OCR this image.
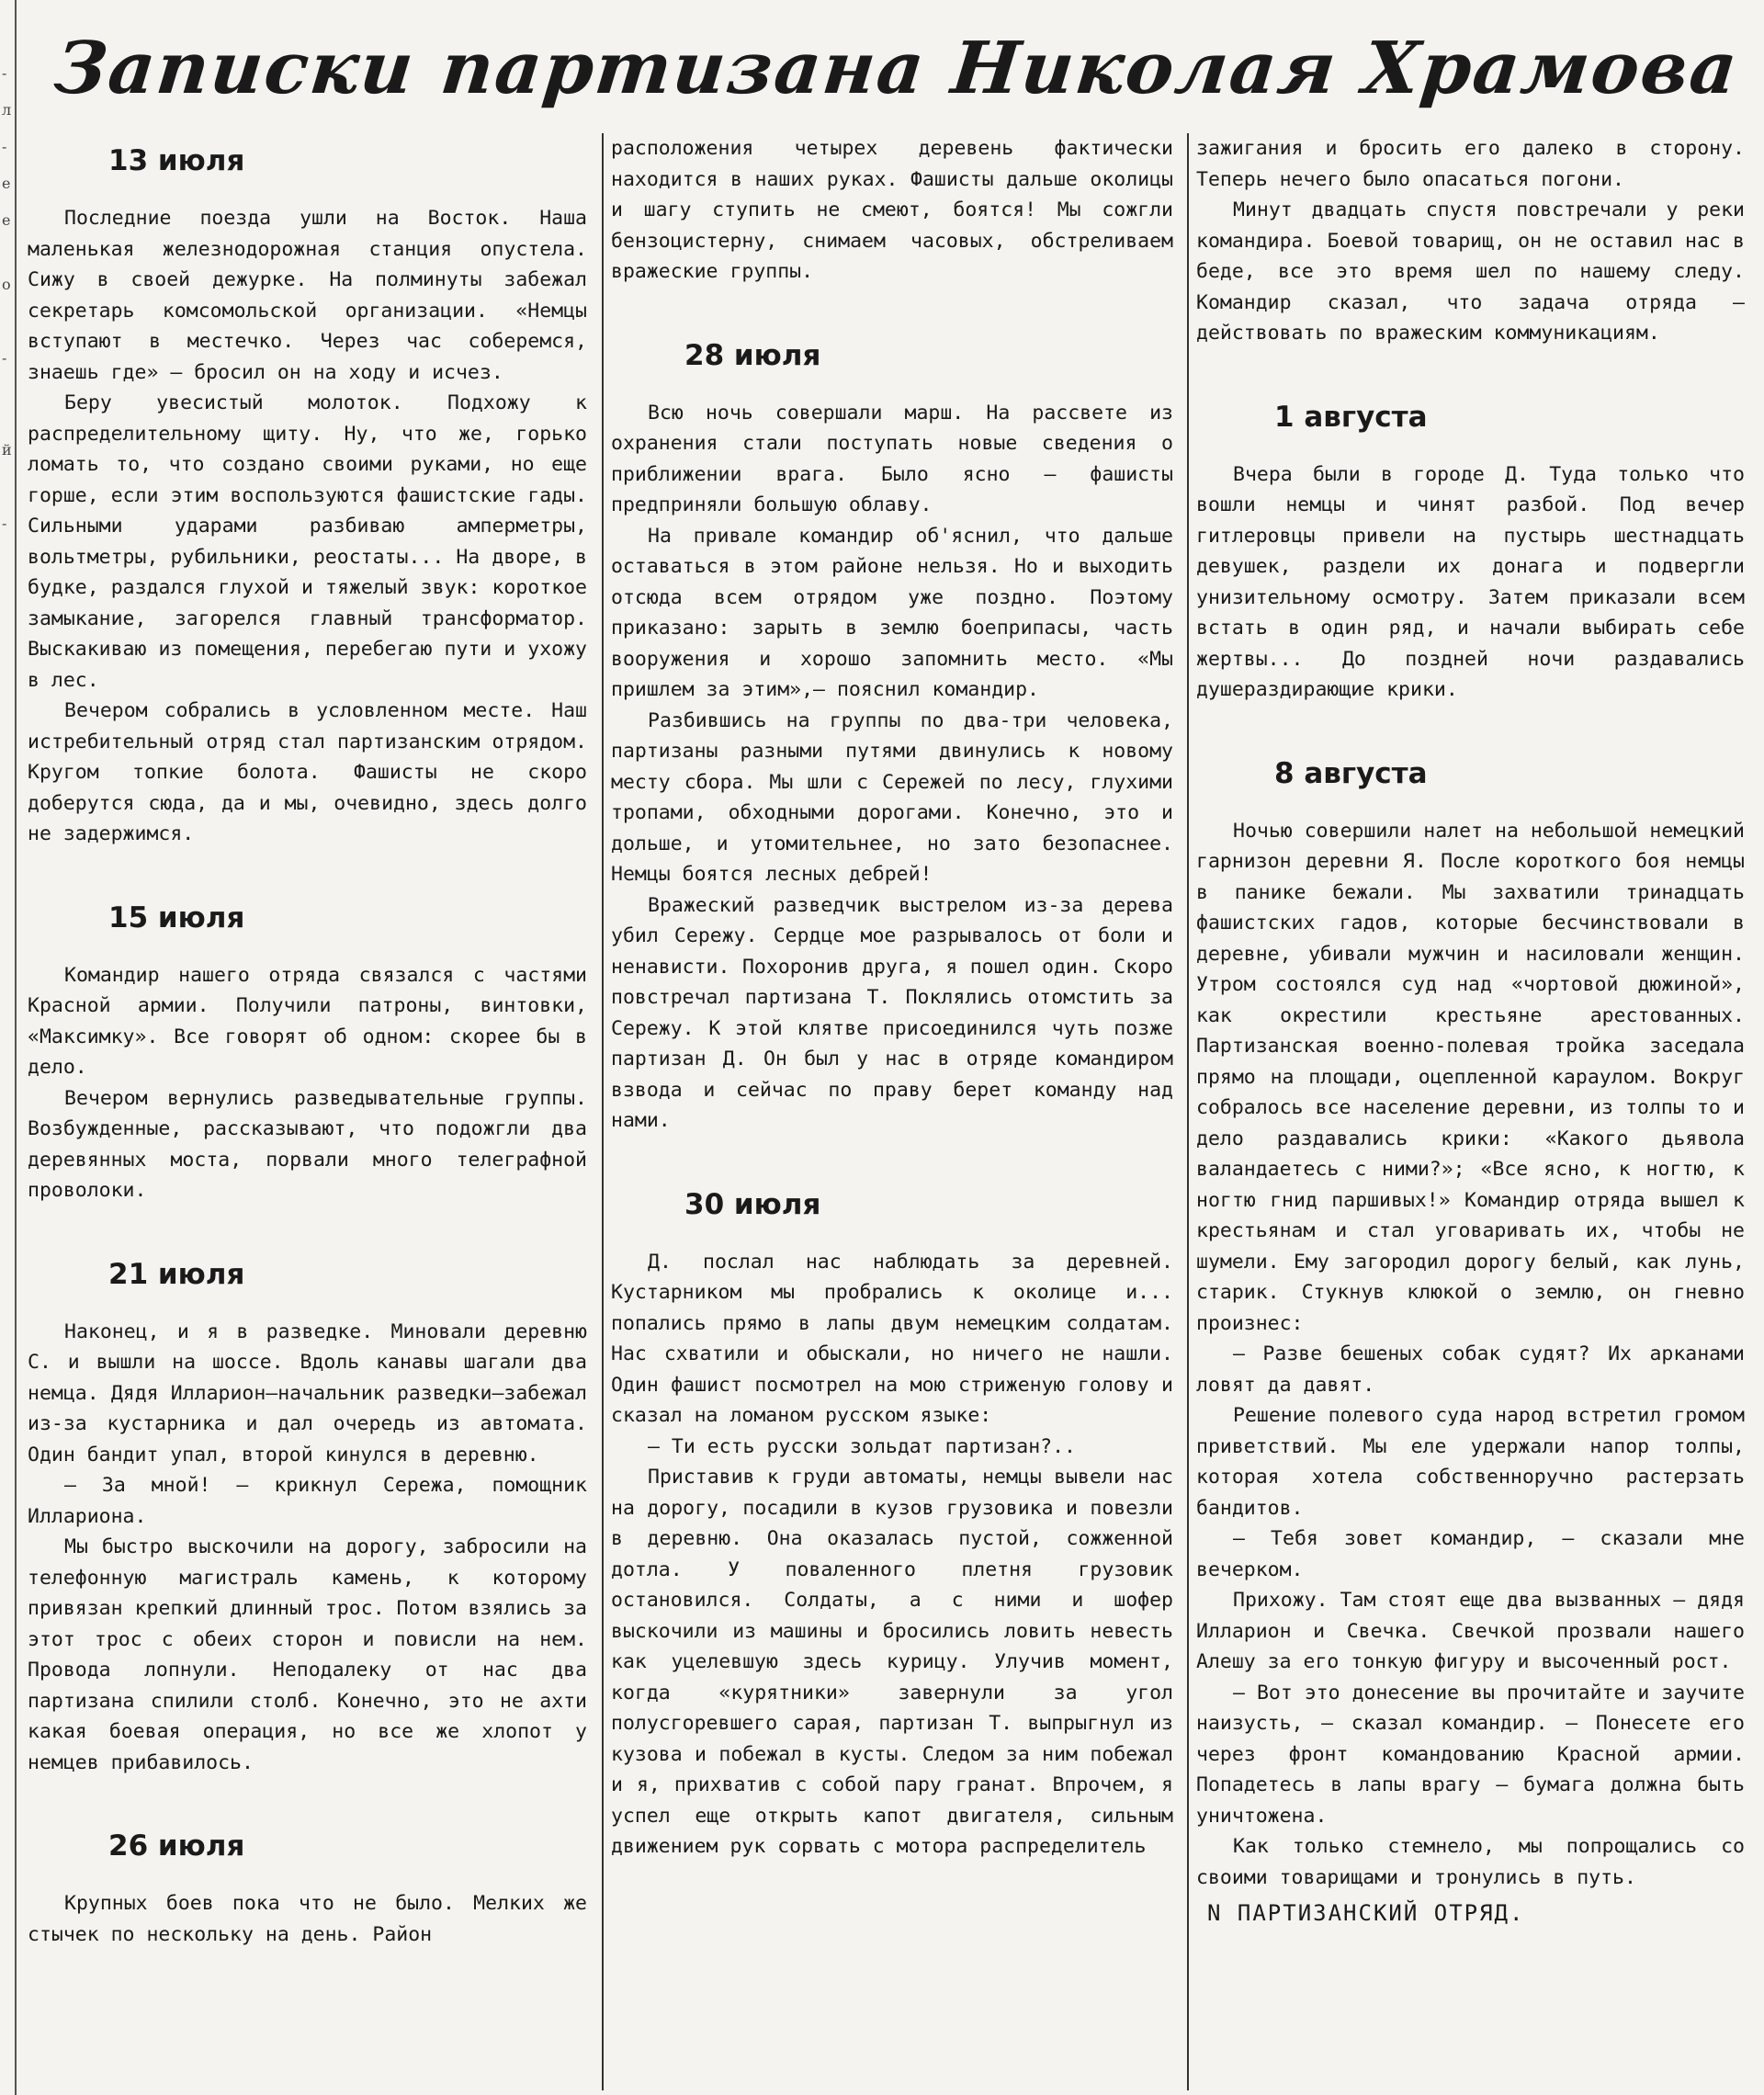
-
л
-
е
е
о
-
й
-
Записки партизана Николая Храмова
13 июля

Последние поезда ушли на Восток. Наша маленькая железнодорожная станция опустела. Сижу в своей дежурке. На полминуты забежал секретарь комсомольской организации. «Немцы вступают в местечко. Через час соберемся, знаешь где» — бросил он на ходу и исчез.

Беру увесистый молоток. Подхожу к распределительному щиту. Ну, что же, горько ломать то, что создано своими руками, но еще горше, если этим воспользуются фашистские гады. Сильными ударами разбиваю амперметры, вольтметры, рубильники, реостаты... На дворе, в будке, раздался глухой и тяжелый звук: короткое замыкание, загорелся главный трансформатор. Выскакиваю из помещения, перебегаю пути и ухожу в лес.

Вечером собрались в условленном месте. Наш истребительный отряд стал партизанским отрядом. Кругом топкие болота. Фашисты не скоро доберутся сюда, да и мы, очевидно, здесь долго не задержимся.

15 июля

Командир нашего отряда связался с частями Красной армии. Получили патроны, винтовки, «Максимку». Все говорят об одном: скорее бы в дело.

Вечером вернулись разведывательные группы. Возбужденные, рассказывают, что подожгли два деревянных моста, порвали много телеграфной проволоки.

21 июля

Наконец, и я в разведке. Миновали деревню С. и вышли на шоссе. Вдоль канавы шагали два немца. Дядя Илларион—начальник разведки—забежал из-за кустарника и дал очередь из автомата. Один бандит упал, второй кинулся в деревню.

— За мной! — крикнул Сережа, помощник Иллариона.

Мы быстро выскочили на дорогу, забросили на телефонную магистраль камень, к которому привязан крепкий длинный трос. Потом взялись за этот трос с обеих сторон и повисли на нем. Провода лопнули. Неподалеку от нас два партизана спилили столб. Конечно, это не ахти какая боевая операция, но все же хлопот у немцев прибавилось.

26 июля

Крупных боев пока что не было. Мелких же стычек по нескольку на день. Район

расположения четырех деревень фактически находится в наших руках. Фашисты дальше околицы и шагу ступить не смеют, боятся! Мы сожгли бензоцистерну, снимаем часовых, обстреливаем вражеские группы.

28 июля

Всю ночь совершали марш. На рассвете из охранения стали поступать новые сведения о приближении врага. Было ясно — фашисты предприняли большую облаву.

На привале командир об'яснил, что дальше оставаться в этом районе нельзя. Но и выходить отсюда всем отрядом уже поздно. Поэтому приказано: зарыть в землю боеприпасы, часть вооружения и хорошо запомнить место. «Мы пришлем за этим»,— пояснил командир.

Разбившись на группы по два-три человека, партизаны разными путями двинулись к новому месту сбора. Мы шли с Сережей по лесу, глухими тропами, обходными дорогами. Конечно, это и дольше, и утомительнее, но зато безопаснее. Немцы боятся лесных дебрей!

Вражеский разведчик выстрелом из-за дерева убил Сережу. Сердце мое разрывалось от боли и ненависти. Похоронив друга, я пошел один. Скоро повстречал партизана Т. Поклялись отомстить за Сережу. К этой клятве присоединился чуть позже партизан Д. Он был у нас в отряде командиром взвода и сейчас по праву берет команду над нами.

30 июля

Д. послал нас наблюдать за деревней. Кустарником мы пробрались к околице и... попались прямо в лапы двум немецким солдатам. Нас схватили и обыскали, но ничего не нашли. Один фашист посмотрел на мою стриженую голову и сказал на ломаном русском языке:

— Ти есть русски зольдат партизан?..

Приставив к груди автоматы, немцы вывели нас на дорогу, посадили в кузов грузовика и повезли в деревню. Она оказалась пустой, сожженной дотла. У поваленного плетня грузовик остановился. Солдаты, а с ними и шофер выскочили из машины и бросились ловить невесть как уцелевшую здесь курицу. Улучив момент, когда «курятники» завернули за угол полусгоревшего сарая, партизан Т. выпрыгнул из кузова и побежал в кусты. Следом за ним побежал и я, прихватив с собой пару гранат. Впрочем, я успел еще открыть капот двигателя, сильным движением рук сорвать с мотора распределитель

зажигания и бросить его далеко в сторону. Теперь нечего было опасаться погони.

Минут двадцать спустя повстречали у реки командира. Боевой товарищ, он не оставил нас в беде, все это время шел по нашему следу. Командир сказал, что задача отряда — действовать по вражеским коммуникациям.

1 августа

Вчера были в городе Д. Туда только что вошли немцы и чинят разбой. Под вечер гитлеровцы привели на пустырь шестнадцать девушек, раздели их донага и подвергли унизительному осмотру. Затем приказали всем встать в один ряд, и начали выбирать себе жертвы... До поздней ночи раздавались душераздирающие крики.

8 августа

Ночью совершили налет на небольшой немецкий гарнизон деревни Я. После короткого боя немцы в панике бежали. Мы захватили тринадцать фашистских гадов, которые бесчинствовали в деревне, убивали мужчин и насиловали женщин. Утром состоялся суд над «чортовой дюжиной», как окрестили крестьяне арестованных. Партизанская военно-полевая тройка заседала прямо на площади, оцепленной караулом. Вокруг собралось все население деревни, из толпы то и дело раздавались крики: «Какого дьявола валандаетесь с ними?»; «Все ясно, к ногтю, к ногтю гнид паршивых!» Командир отряда вышел к крестьянам и стал уговаривать их, чтобы не шумели. Ему загородил дорогу белый, как лунь, старик. Стукнув клюкой о землю, он гневно произнес:

— Разве бешеных собак судят? Их арканами ловят да давят.

Решение полевого суда народ встретил громом приветствий. Мы еле удержали напор толпы, которая хотела собственноручно растерзать бандитов.

— Тебя зовет командир, — сказали мне вечерком.

Прихожу. Там стоят еще два вызванных — дядя Илларион и Свечка. Свечкой прозвали нашего Алешу за его тонкую фигуру и высоченный рост.

— Вот это донесение вы прочитайте и заучите наизусть, — сказал командир. — Понесете его через фронт командованию Красной армии. Попадетесь в лапы врагу — бумага должна быть уничтожена.

Как только стемнело, мы попрощались со своими товарищами и тронулись в путь.

N ПАРТИЗАНСКИЙ ОТРЯД.
